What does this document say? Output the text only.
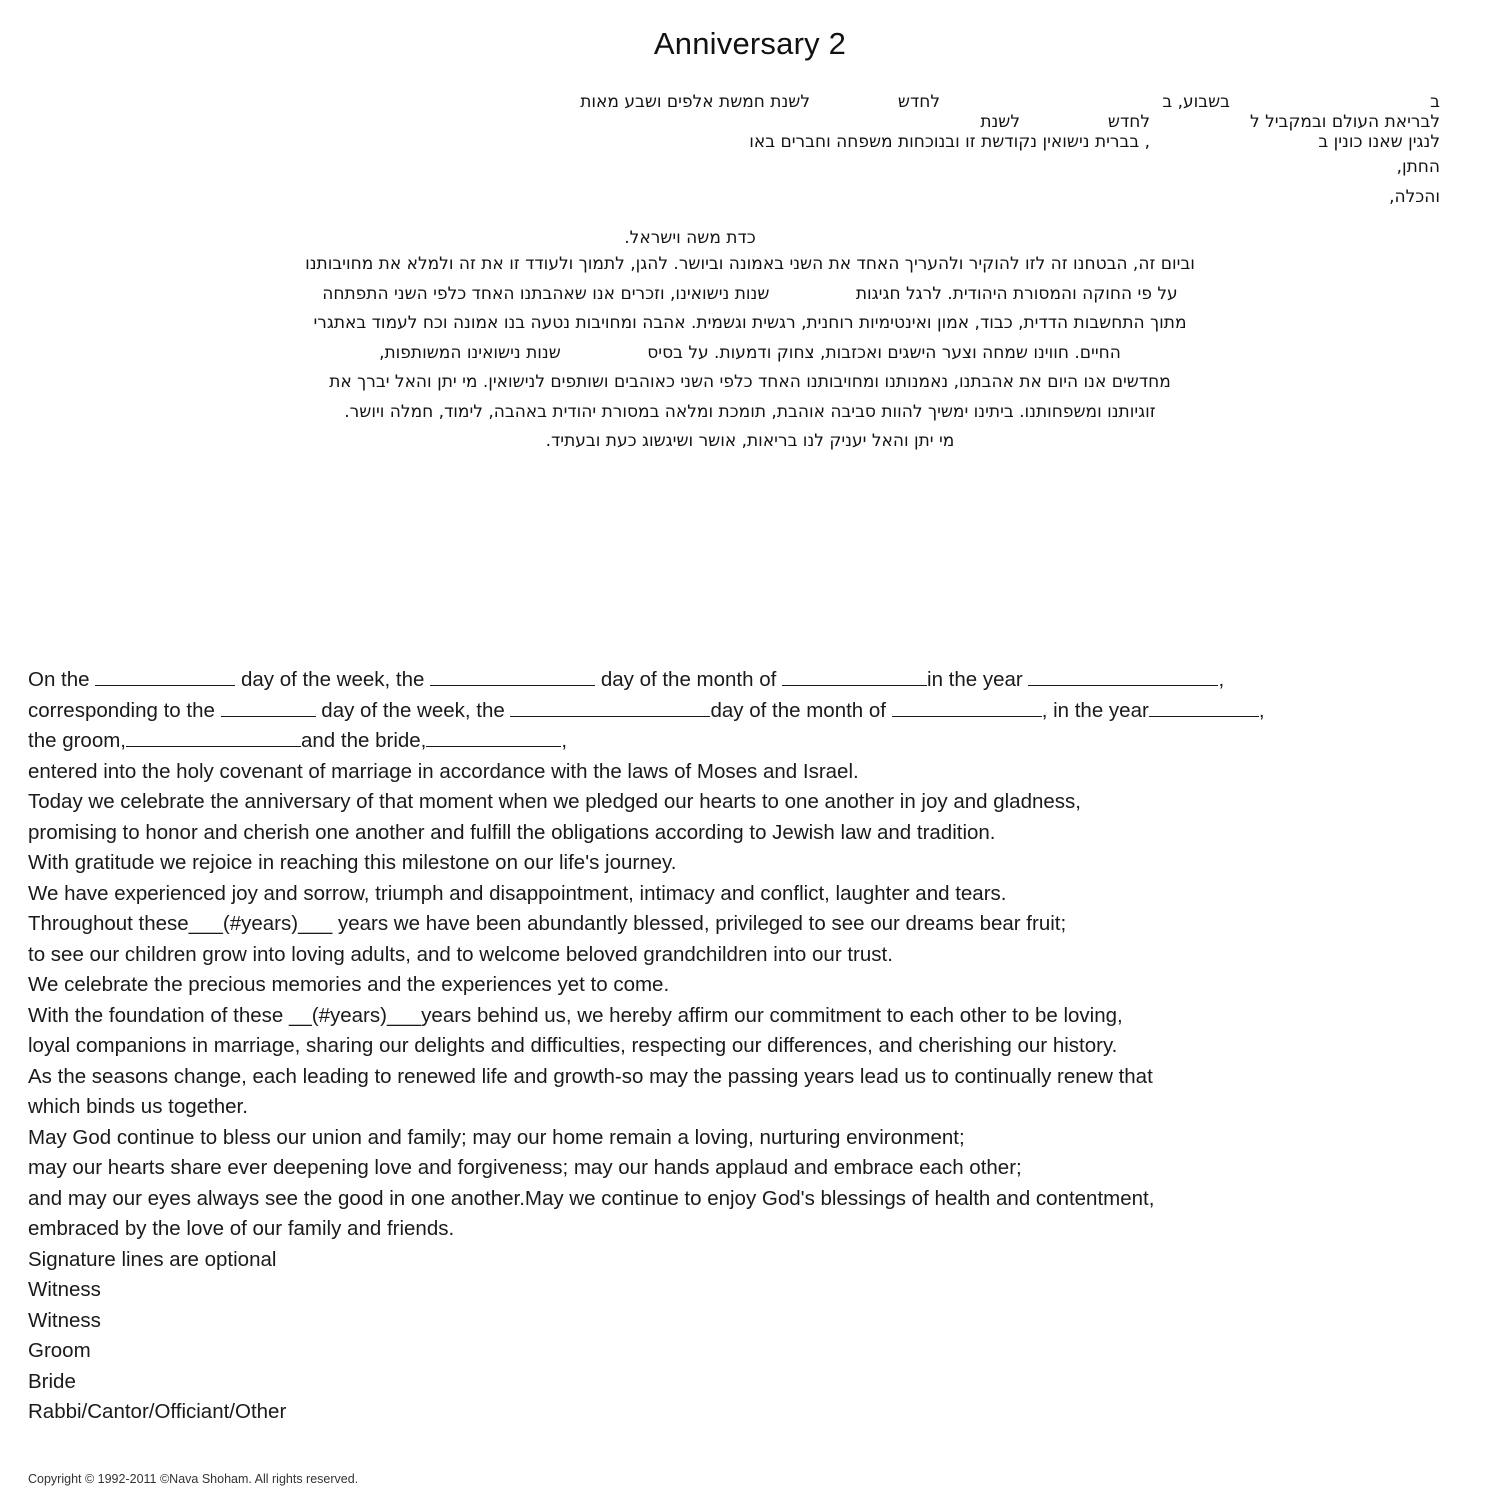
Anniversary 2
ב
בשבוע, ב
לחדש
לשנת חמשת אלפים ושבע מאות
לבריאת העולם ובמקביל ל
לחדש
לשנת
לנגין שאנו כונין ב
, בברית נישואין נקודשת זו ובנוכחות משפחה וחברים באו
החתן,
והכלה,
כדת משה וישראל.
וביום זה, הבטחנו זה לזו להוקיר ולהעריך האחד את השני באמונה וביושר. להגן, לתמוך ולעודד זו את זה ולמלא את מחויבותנו
על פי החוקה והמסורת היהודית. לרגל חגיגות                שנות נישואינו, וזכרים אנו שאהבתנו האחד כלפי השני התפתחה
מתוך התחשבות הדדית, כבוד, אמון ואינטימיות רוחנית, רגשית וגשמית. אהבה ומחויבות נטעה בנו אמונה וכח לעמוד באתגרי
החיים. חווינו שמחה וצער הישגים ואכזבות, צחוק ודמעות. על בסיס                שנות נישואינו המשותפות,
מחדשים אנו היום את אהבתנו, נאמנותנו ומחויבותנו האחד כלפי השני כאוהבים ושותפים לנישואין. מי יתן והאל יברך את
זוגיותנו ומשפחותנו. ביתינו ימשיך להוות סביבה אוהבת, תומכת ומלאה במסורת יהודית באהבה, לימוד, חמלה ויושר.
מי יתן והאל יעניק לנו בריאות, אושר ושיגשוג כעת ובעתיד.
On the	day of the week, the	day of the month of	in the year	,
corresponding to the	day of the week, the	day of the month of	, in the year	,
the groom,	and the bride,	,
entered into the holy covenant of marriage in accordance with the laws of Moses and Israel.
Today we celebrate the anniversary of that moment when we pledged our hearts to one another in joy and gladness,
promising to honor and cherish one another and fulfill the obligations according to Jewish law and tradition.
With gratitude we rejoice in reaching this milestone on our life's journey.
We have experienced joy and sorrow, triumph and disappointment, intimacy and conflict, laughter and tears.
Throughout these___(#years)___ years we have been abundantly blessed, privileged to see our dreams bear fruit;
to see our children grow into loving adults, and to welcome beloved grandchildren into our trust.
We celebrate the precious memories and the experiences yet to come.
With the foundation of these __(#years)___years behind us, we hereby affirm our commitment to each other to be loving,
loyal companions in marriage, sharing our delights and difficulties, respecting our differences, and cherishing our history.
As the seasons change, each leading to renewed life and growth-so may the passing years lead us to continually renew that
which binds us together.
May God continue to bless our union and family; may our home remain a loving, nurturing environment;
may our hearts share ever deepening love and forgiveness; may our hands applaud and embrace each other;
and may our eyes always see the good in one another.May we continue to enjoy God's blessings of health and contentment,
embraced by the love of our family and friends.
Signature lines are optional
Witness
Witness
Groom
Bride
Rabbi/Cantor/Officiant/Other
Copyright © 1992-2011 ©Nava Shoham. All rights reserved.
